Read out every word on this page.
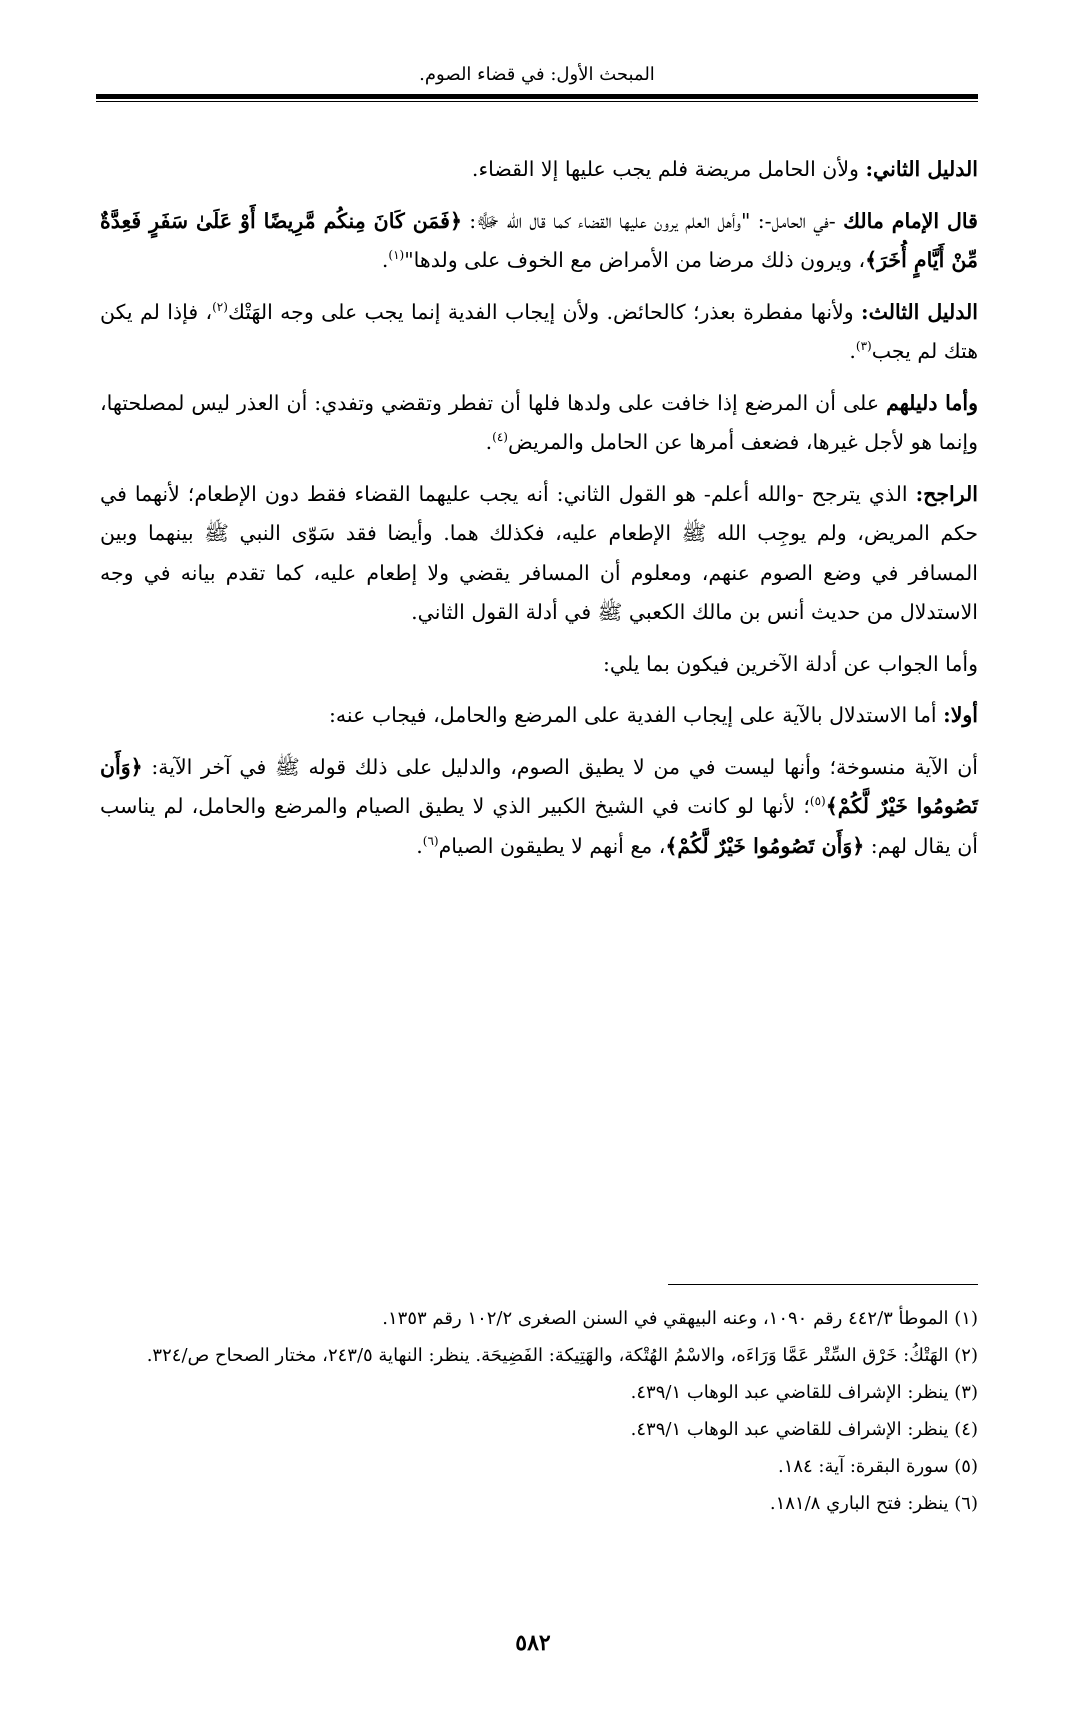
المبحث الأول: في قضاء الصوم.

الدليل الثاني: ولأن الحامل مريضة فلم يجب عليها إلا القضاء.

قال الإمام مالك -في الحامل-: "وأهل العلم يرون عليها القضاء كما قال الله ﷻ: ﴿فَمَن كَانَ مِنكُم مَّرِيضًا أَوْ عَلَىٰ سَفَرٍ فَعِدَّةٌ مِّنْ أَيَّامٍ أُخَرَ﴾، ويرون ذلك مرضا من الأمراض مع الخوف على ولدها"$^{(١)}$.

الدليل الثالث: ولأنها مفطرة بعذر؛ كالحائض. ولأن إيجاب الفدية إنما يجب على وجه الهَتْك$^{(٢)}$، فإذا لم يكن هتك لم يجب$^{(٣)}$.

وأما دليلهم على أن المرضع إذا خافت على ولدها فلها أن تفطر وتقضي وتفدي: أن العذر ليس لمصلحتها، وإنما هو لأجل غيرها، فضعف أمرها عن الحامل والمريض$^{(٤)}$.

الراجح: الذي يترجح -والله أعلم- هو القول الثاني: أنه يجب عليهما القضاء فقط دون الإطعام؛ لأنهما في حكم المريض، ولم يوجِب الله ﷺ الإطعام عليه، فكذلك هما. وأيضا فقد سَوّى النبي ﷺ بينهما وبين المسافر في وضع الصوم عنهم، ومعلوم أن المسافر يقضي ولا إطعام عليه، كما تقدم بيانه في وجه الاستدلال من حديث أنس بن مالك الكعبي ﷺ في أدلة القول الثاني.

وأما الجواب عن أدلة الآخرين فيكون بما يلي:

أولا: أما الاستدلال بالآية على إيجاب الفدية على المرضع والحامل، فيجاب عنه:

أن الآية منسوخة؛ وأنها ليست في من لا يطيق الصوم، والدليل على ذلك قوله ﷺ في آخر الآية: ﴿وَأَن تَصُومُوا خَيْرٌ لَّكُمْ﴾$^{(٥)}$؛ لأنها لو كانت في الشيخ الكبير الذي لا يطيق الصيام والمرضع والحامل، لم يناسب أن يقال لهم: ﴿وَأَن تَصُومُوا خَيْرٌ لَّكُمْ﴾، مع أنهم لا يطيقون الصيام$^{(٦)}$.

(١) الموطأ ٤٤٢/٣ رقم ١٠٩٠، وعنه البيهقي في السنن الصغرى ١٠٢/٢ رقم ١٣٥٣.

(٢) الهَتْكُ: خَرْق السِّتْر عَمَّا وَرَاءَه، والاسْمُ الهُتْكة، والهَتِيكة: الفَضِيحَة. ينظر: النهاية ٢٤٣/٥، مختار الصحاح ص/٣٢٤.

(٣) ينظر: الإشراف للقاضي عبد الوهاب ٤٣٩/١.

(٤) ينظر: الإشراف للقاضي عبد الوهاب ٤٣٩/١.

(٥) سورة البقرة: آية: ١٨٤.

(٦) ينظر: فتح الباري ١٨١/٨.

٥٨٢
